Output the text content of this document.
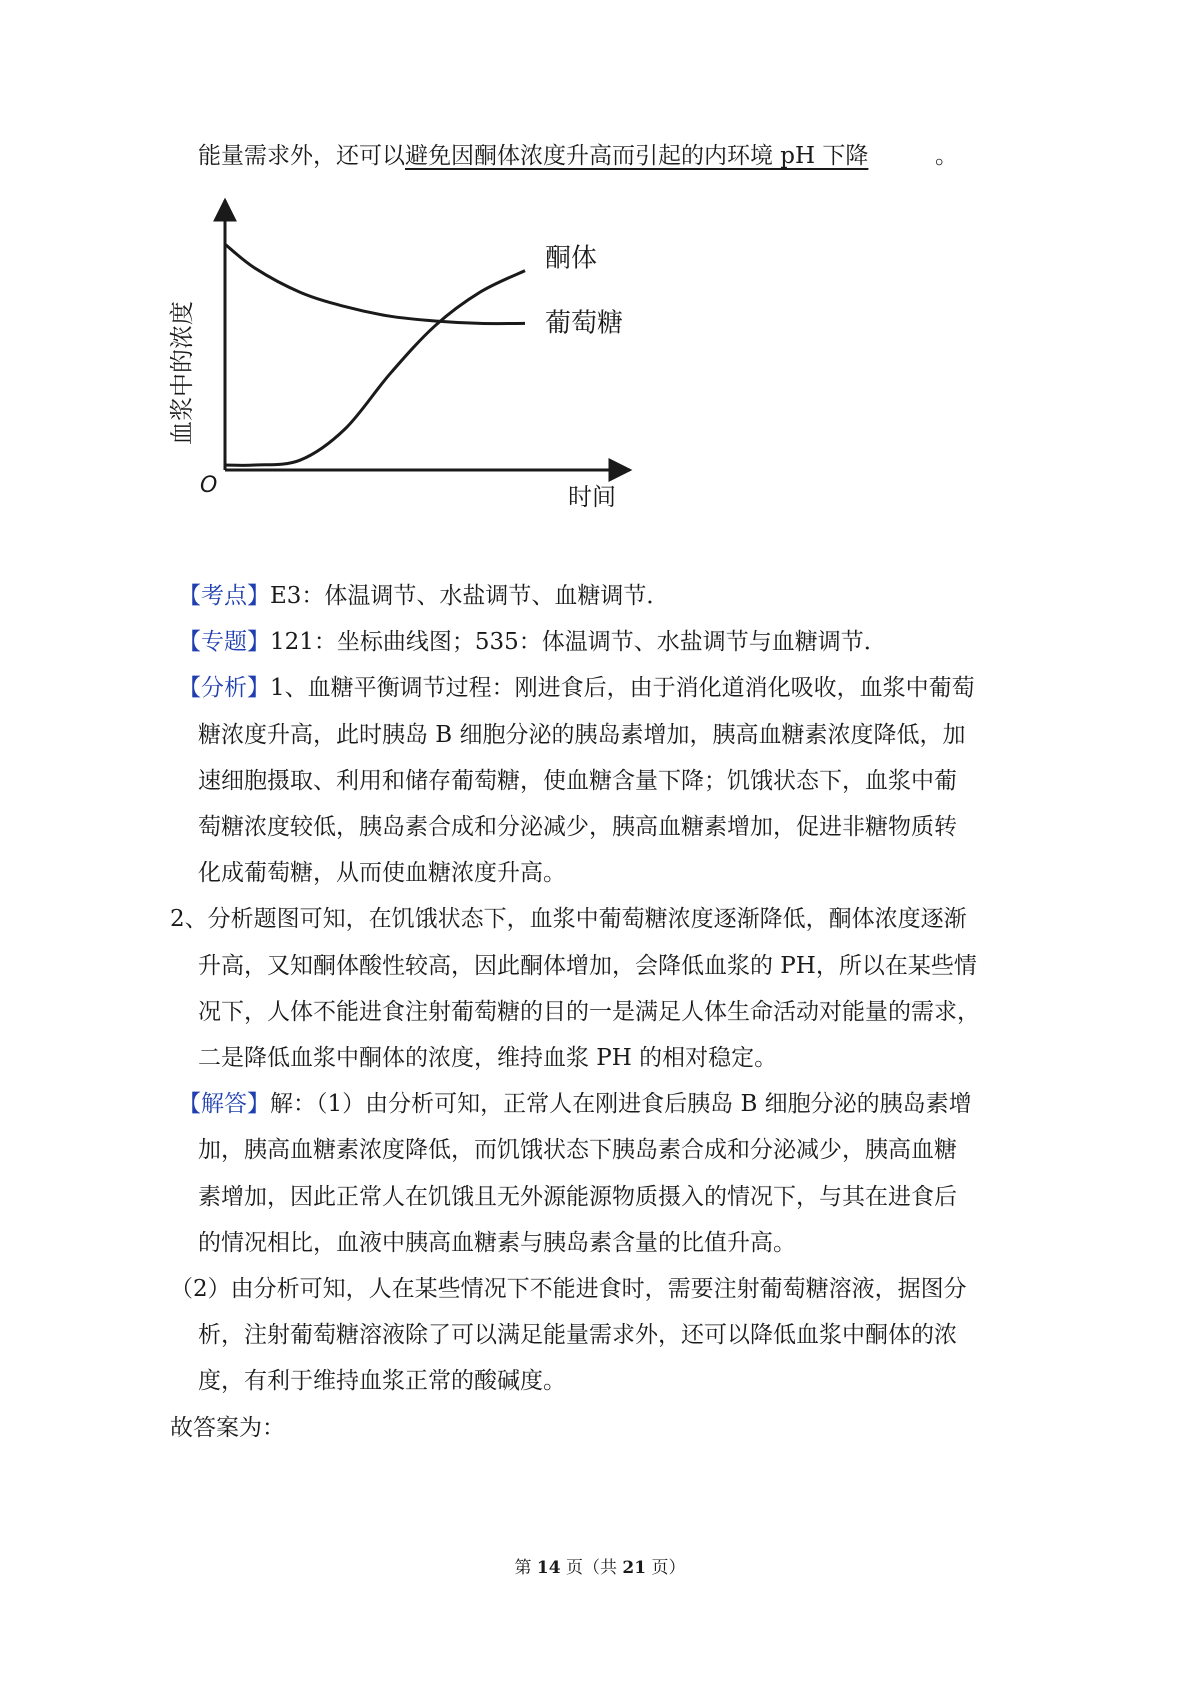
能量需求外，还可以避免因酮体浓度升高而引起的内环境 pH 下降	。
血浆中的浓度
O	时间
酮体
葡萄糖
【考点】E3：体温调节、水盐调节、血糖调节．
【专题】121：坐标曲线图；535：体温调节、水盐调节与血糖调节．
【分析】1、血糖平衡调节过程：刚进食后，由于消化道消化吸收，血浆中葡萄
糖浓度升高，此时胰岛 B 细胞分泌的胰岛素增加，胰高血糖素浓度降低，加
速细胞摄取、利用和储存葡萄糖，使血糖含量下降；饥饿状态下，血浆中葡
萄糖浓度较低，胰岛素合成和分泌减少，胰高血糖素增加，促进非糖物质转
化成葡萄糖，从而使血糖浓度升高。
2、分析题图可知，在饥饿状态下，血浆中葡萄糖浓度逐渐降低，酮体浓度逐渐
升高，又知酮体酸性较高，因此酮体增加，会降低血浆的 PH，所以在某些情
况下，人体不能进食注射葡萄糖的目的一是满足人体生命活动对能量的需求，
二是降低血浆中酮体的浓度，维持血浆 PH 的相对稳定。
【解答】解：（1）由分析可知，正常人在刚进食后胰岛 B 细胞分泌的胰岛素增
加，胰高血糖素浓度降低，而饥饿状态下胰岛素合成和分泌减少，胰高血糖
素增加，因此正常人在饥饿且无外源能源物质摄入的情况下，与其在进食后
的情况相比，血液中胰高血糖素与胰岛素含量的比值升高。
（2）由分析可知，人在某些情况下不能进食时，需要注射葡萄糖溶液，据图分
析，注射葡萄糖溶液除了可以满足能量需求外，还可以降低血浆中酮体的浓
度，有利于维持血浆正常的酸碱度。
故答案为：
第 14 页（共 21 页）
